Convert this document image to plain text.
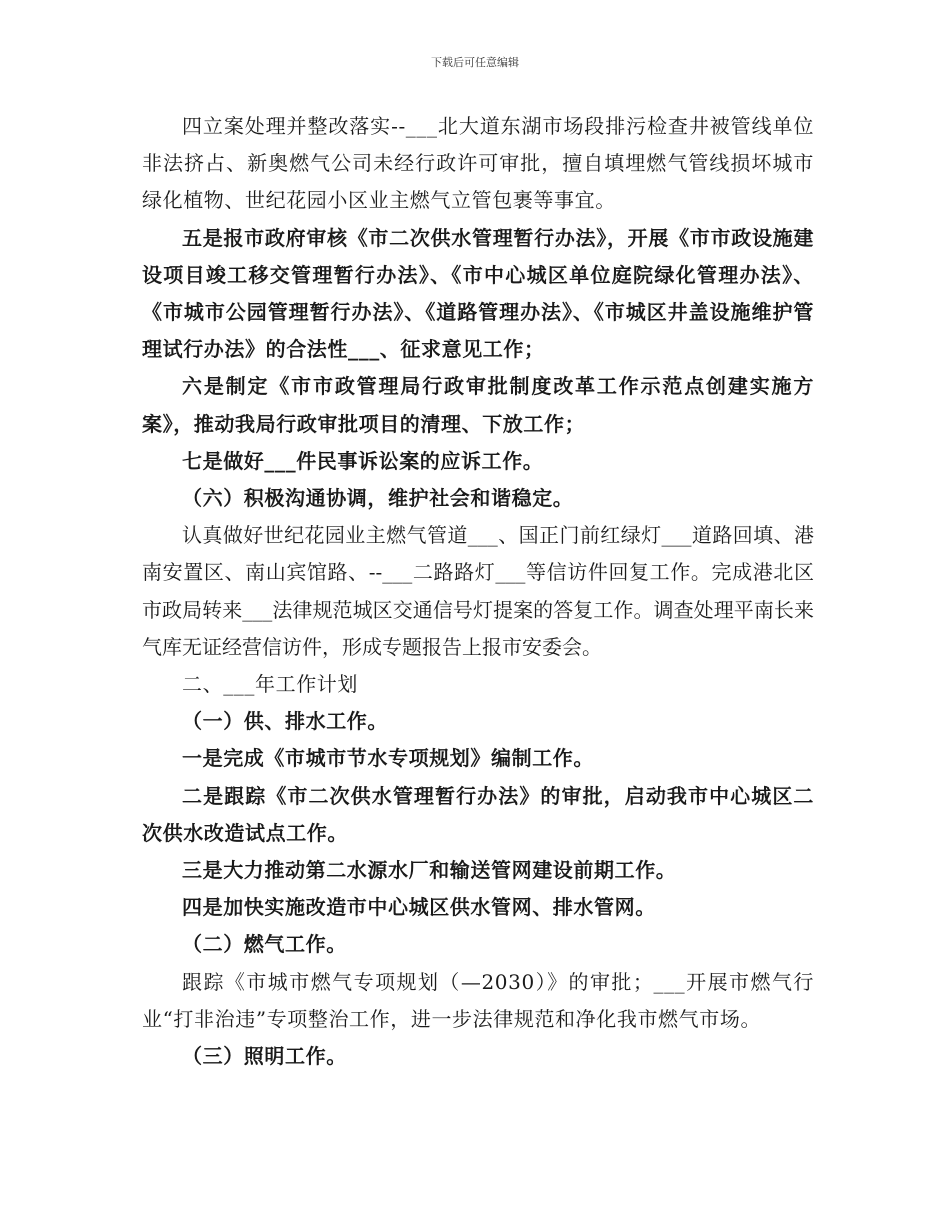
下载后可任意编辑

四立案处理并整改落实--___北大道东湖市场段排污检查井被管线单位非法挤占、新奥燃气公司未经行政许可审批，擅自填埋燃气管线损坏城市绿化植物、世纪花园小区业主燃气立管包裹等事宜。

五是报市政府审核《市二次供水管理暂行办法》，开展《市市政设施建设项目竣工移交管理暂行办法》、《市中心城区单位庭院绿化管理办法》、《市城市公园管理暂行办法》、《道路管理办法》、《市城区井盖设施维护管理试行办法》的合法性___、征求意见工作；

六是制定《市市政管理局行政审批制度改革工作示范点创建实施方案》，推动我局行政审批项目的清理、下放工作；

七是做好___件民事诉讼案的应诉工作。

（六）积极沟通协调，维护社会和谐稳定。

认真做好世纪花园业主燃气管道___、国正门前红绿灯___道路回填、港南安置区、南山宾馆路、--___二路路灯___等信访件回复工作。完成港北区市政局转来___法律规范城区交通信号灯提案的答复工作。调查处理平南长来气库无证经营信访件，形成专题报告上报市安委会。

二、___年工作计划

（一）供、排水工作。

一是完成《市城市节水专项规划》编制工作。

二是跟踪《市二次供水管理暂行办法》的审批，启动我市中心城区二次供水改造试点工作。

三是大力推动第二水源水厂和输送管网建设前期工作。

四是加快实施改造市中心城区供水管网、排水管网。

（二）燃气工作。

跟踪《市城市燃气专项规划（—2030）》的审批；___开展市燃气行业“打非治违”专项整治工作，进一步法律规范和净化我市燃气市场。

（三）照明工作。
